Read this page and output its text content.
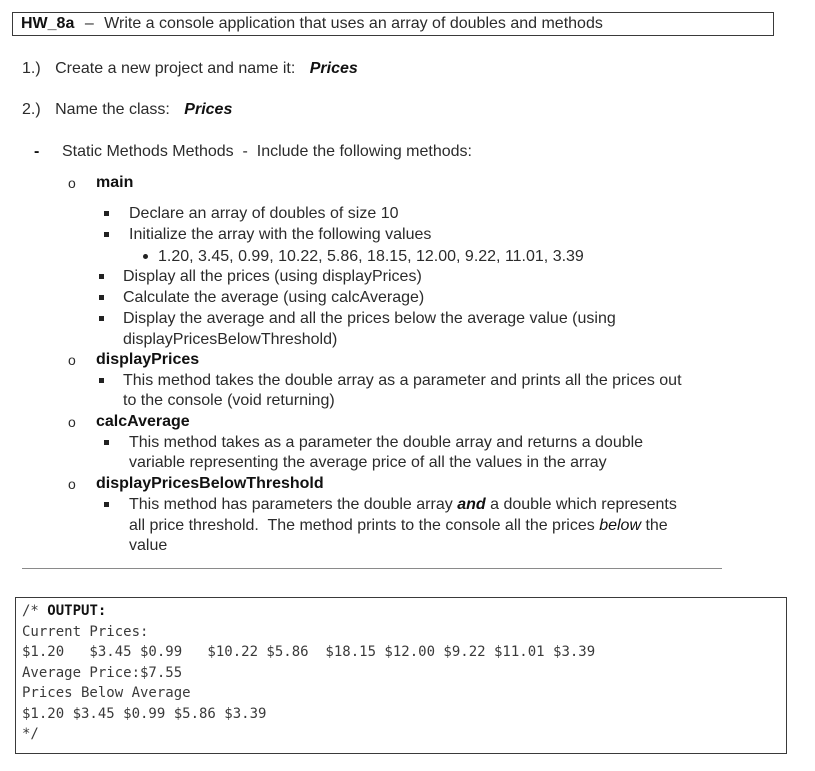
HW_8a – Write a console application that uses an array of doubles and methods
1.) Create a new project and name it: Prices
2.) Name the class: Prices
- Static Methods Methods  -  Include the following methods:
o main
Declare an array of doubles of size 10
Initialize the array with the following values
1.20, 3.45, 0.99, 10.22, 5.86, 18.15, 12.00, 9.22, 11.01, 3.39
Display all the prices (using displayPrices)
Calculate the average (using calcAverage)
Display the average and all the prices below the average value (using
displayPricesBelowThreshold)
o displayPrices
This method takes the double array as a parameter and prints all the prices out
to the console (void returning)
o calcAverage
This method takes as a parameter the double array and returns a double
variable representing the average price of all the values in the array
o displayPricesBelowThreshold
This method has parameters the double array and a double which represents
all price threshold.  The method prints to the console all the prices below the
value
/* OUTPUT:
Current Prices:
$1.20   $3.45 $0.99   $10.22 $5.86  $18.15 $12.00 $9.22 $11.01 $3.39
Average Price:$7.55
Prices Below Average
$1.20 $3.45 $0.99 $5.86 $3.39
*/
